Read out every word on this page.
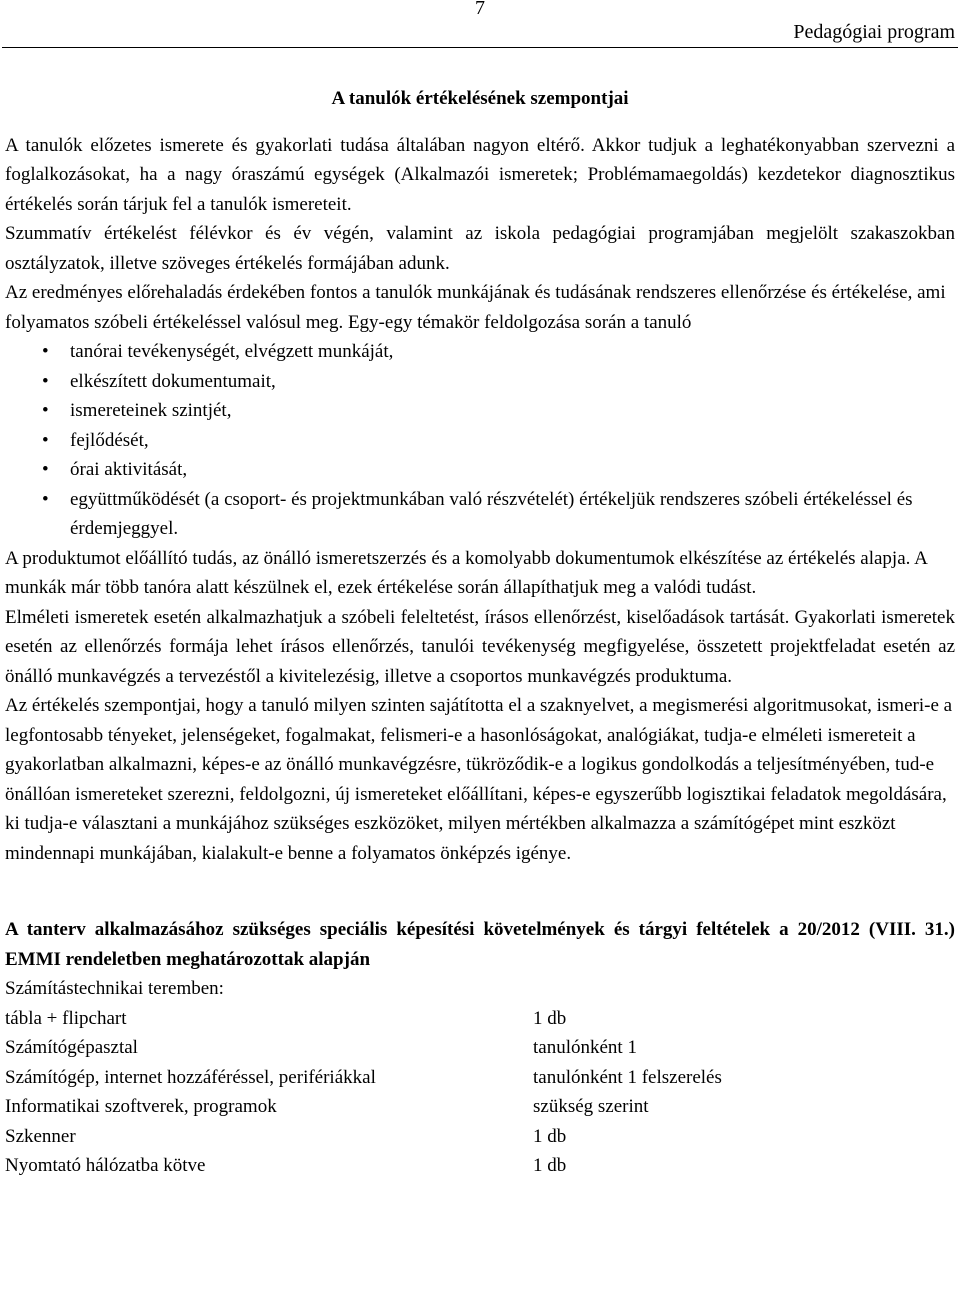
7
Pedagógiai program
A tanulók értékelésének szempontjai

A tanulók előzetes ismerete és gyakorlati tudása általában nagyon eltérő. Akkor tudjuk a leghatékonyabban szervezni a foglalkozásokat, ha a nagy óraszámú egységek (Alkalmazói ismeretek; Problémamaegoldás) kezdetekor diagnosztikus értékelés során tárjuk fel a tanulók ismereteit.

Szummatív értékelést félévkor és év végén, valamint az iskola pedagógiai programjában megjelölt szakaszokban osztályzatok, illetve szöveges értékelés formájában adunk.

Az eredményes előrehaladás érdekében fontos a tanulók munkájának és tudásának rendszeres ellenőrzése és értékelése, ami folyamatos szóbeli értékeléssel valósul meg. Egy-egy témakör feldolgozása során a tanuló

• tanórai tevékenységét, elvégzett munkáját,
• elkészített dokumentumait,
• ismereteinek szintjét,
• fejlődését,
• órai aktivitását,
• együttműködését (a csoport- és projektmunkában való részvételét) értékeljük rendszeres szóbeli értékeléssel és érdemjeggyel.

A produktumot előállító tudás, az önálló ismeretszerzés és a komolyabb dokumentumok elkészítése az értékelés alapja. A munkák már több tanóra alatt készülnek el, ezek értékelése során állapíthatjuk meg a valódi tudást.

Elméleti ismeretek esetén alkalmazhatjuk a szóbeli feleltetést, írásos ellenőrzést, kiselőadások tartását. Gyakorlati ismeretek esetén az ellenőrzés formája lehet írásos ellenőrzés, tanulói tevékenység megfigyelése, összetett projektfeladat esetén az önálló munkavégzés a tervezéstől a kivitelezésig, illetve a csoportos munkavégzés produktuma.

Az értékelés szempontjai, hogy a tanuló milyen szinten sajátította el a szaknyelvet, a megismerési algoritmusokat, ismeri-e a legfontosabb tényeket, jelenségeket, fogalmakat, felismeri-e a hasonlóságokat, analógiákat, tudja-e elméleti ismereteit a gyakorlatban alkalmazni, képes-e az önálló munkavégzésre, tükröződik-e a logikus gondolkodás a teljesítményében, tud-e önállóan ismereteket szerezni, feldolgozni, új ismereteket előállítani, képes-e egyszerűbb logisztikai feladatok megoldására, ki tudja-e választani a munkájához szükséges eszközöket, milyen mértékben alkalmazza a számítógépet mint eszközt mindennapi munkájában, kialakult-e benne a folyamatos önképzés igénye.

A tanterv alkalmazásához szükséges speciális képesítési követelmények és tárgyi feltételek a 20/2012 (VIII. 31.) EMMI rendeletben meghatározottak alapján
Számítástechnikai teremben:
tábla + flipchart	1 db
Számítógépasztal	tanulónként 1
Számítógép, internet hozzáféréssel, perifériákkal	tanulónként 1 felszerelés
Informatikai szoftverek, programok	szükség szerint
Szkenner	1 db
Nyomtató hálózatba kötve	1 db
